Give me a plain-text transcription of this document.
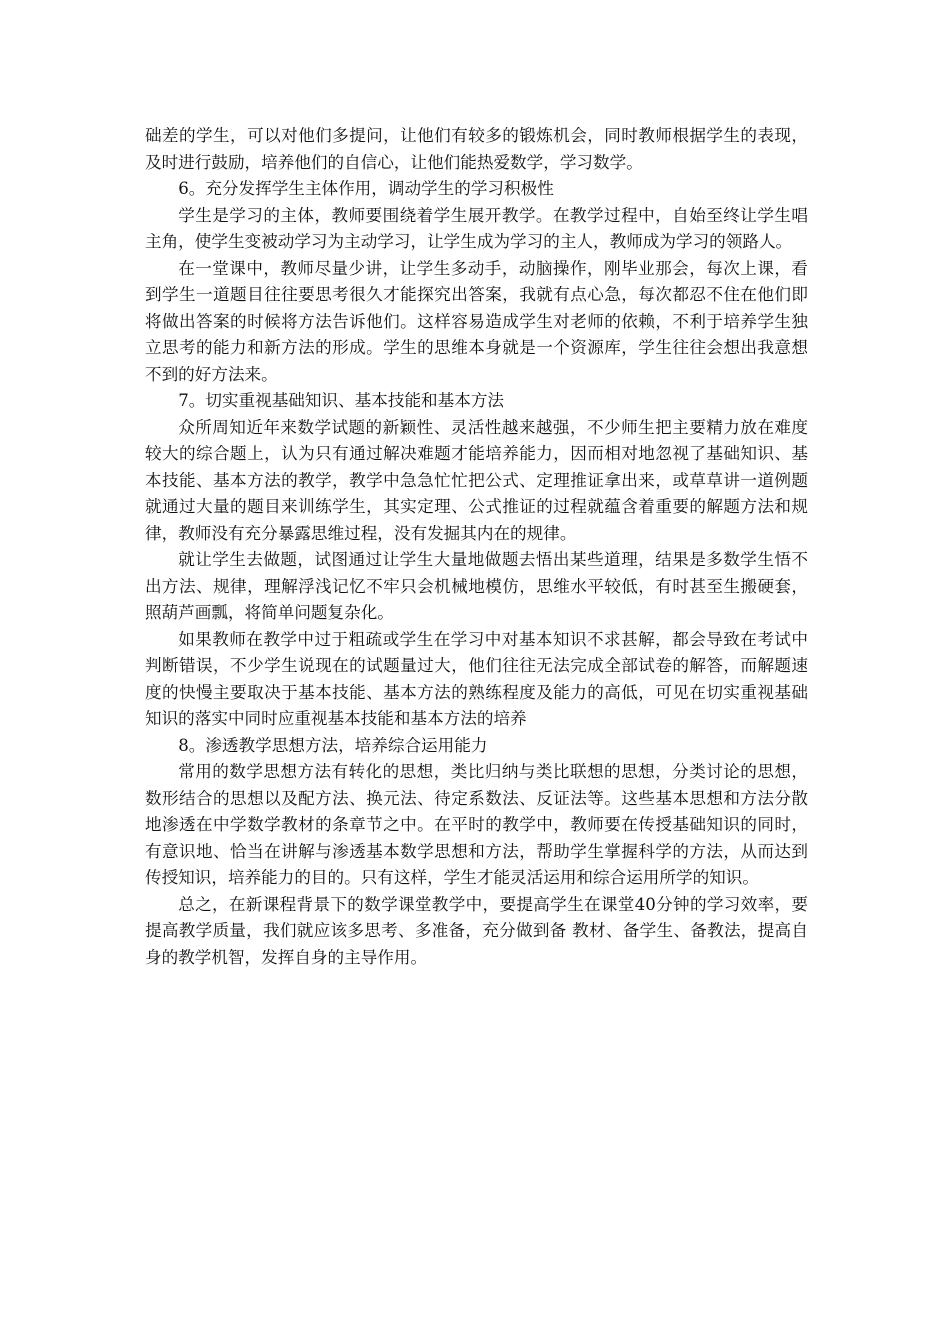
础差的学生，可以对他们多提问，让他们有较多的锻炼机会，同时教师根据学生的表现，及时进行鼓励，培养他们的自信心，让他们能热爱数学，学习数学。

6。充分发挥学生主体作用，调动学生的学习积极性

学生是学习的主体，教师要围绕着学生展开教学。在教学过程中，自始至终让学生唱主角，使学生变被动学习为主动学习，让学生成为学习的主人，教师成为学习的领路人。

在一堂课中，教师尽量少讲，让学生多动手，动脑操作，刚毕业那会，每次上课，看到学生一道题目往往要思考很久才能探究出答案，我就有点心急，每次都忍不住在他们即将做出答案的时候将方法告诉他们。这样容易造成学生对老师的依赖，不利于培养学生独立思考的能力和新方法的形成。学生的思维本身就是一个资源库，学生往往会想出我意想不到的好方法来。

7。切实重视基础知识、基本技能和基本方法

众所周知近年来数学试题的新颖性、灵活性越来越强，不少师生把主要精力放在难度较大的综合题上，认为只有通过解决难题才能培养能力，因而相对地忽视了基础知识、基本技能、基本方法的教学，教学中急急忙忙把公式、定理推证拿出来，或草草讲一道例题就通过大量的题目来训练学生，其实定理、公式推证的过程就蕴含着重要的解题方法和规律，教师没有充分暴露思维过程，没有发掘其内在的规律。

就让学生去做题，试图通过让学生大量地做题去悟出某些道理，结果是多数学生悟不出方法、规律，理解浮浅记忆不牢只会机械地模仿，思维水平较低，有时甚至生搬硬套，照葫芦画瓢，将简单问题复杂化。

如果教师在教学中过于粗疏或学生在学习中对基本知识不求甚解，都会导致在考试中判断错误，不少学生说现在的试题量过大，他们往往无法完成全部试卷的解答，而解题速度的快慢主要取决于基本技能、基本方法的熟练程度及能力的高低，可见在切实重视基础知识的落实中同时应重视基本技能和基本方法的培养

8。渗透教学思想方法，培养综合运用能力

常用的数学思想方法有转化的思想，类比归纳与类比联想的思想，分类讨论的思想，数形结合的思想以及配方法、换元法、待定系数法、反证法等。这些基本思想和方法分散地渗透在中学数学教材的条章节之中。在平时的教学中，教师要在传授基础知识的同时，有意识地、恰当在讲解与渗透基本数学思想和方法，帮助学生掌握科学的方法，从而达到传授知识，培养能力的目的。只有这样，学生才能灵活运用和综合运用所学的知识。

总之，在新课程背景下的数学课堂教学中，要提高学生在课堂40分钟的学习效率，要提高教学质量，我们就应该多思考、多准备，充分做到备 教材、备学生、备教法，提高自身的教学机智，发挥自身的主导作用。
